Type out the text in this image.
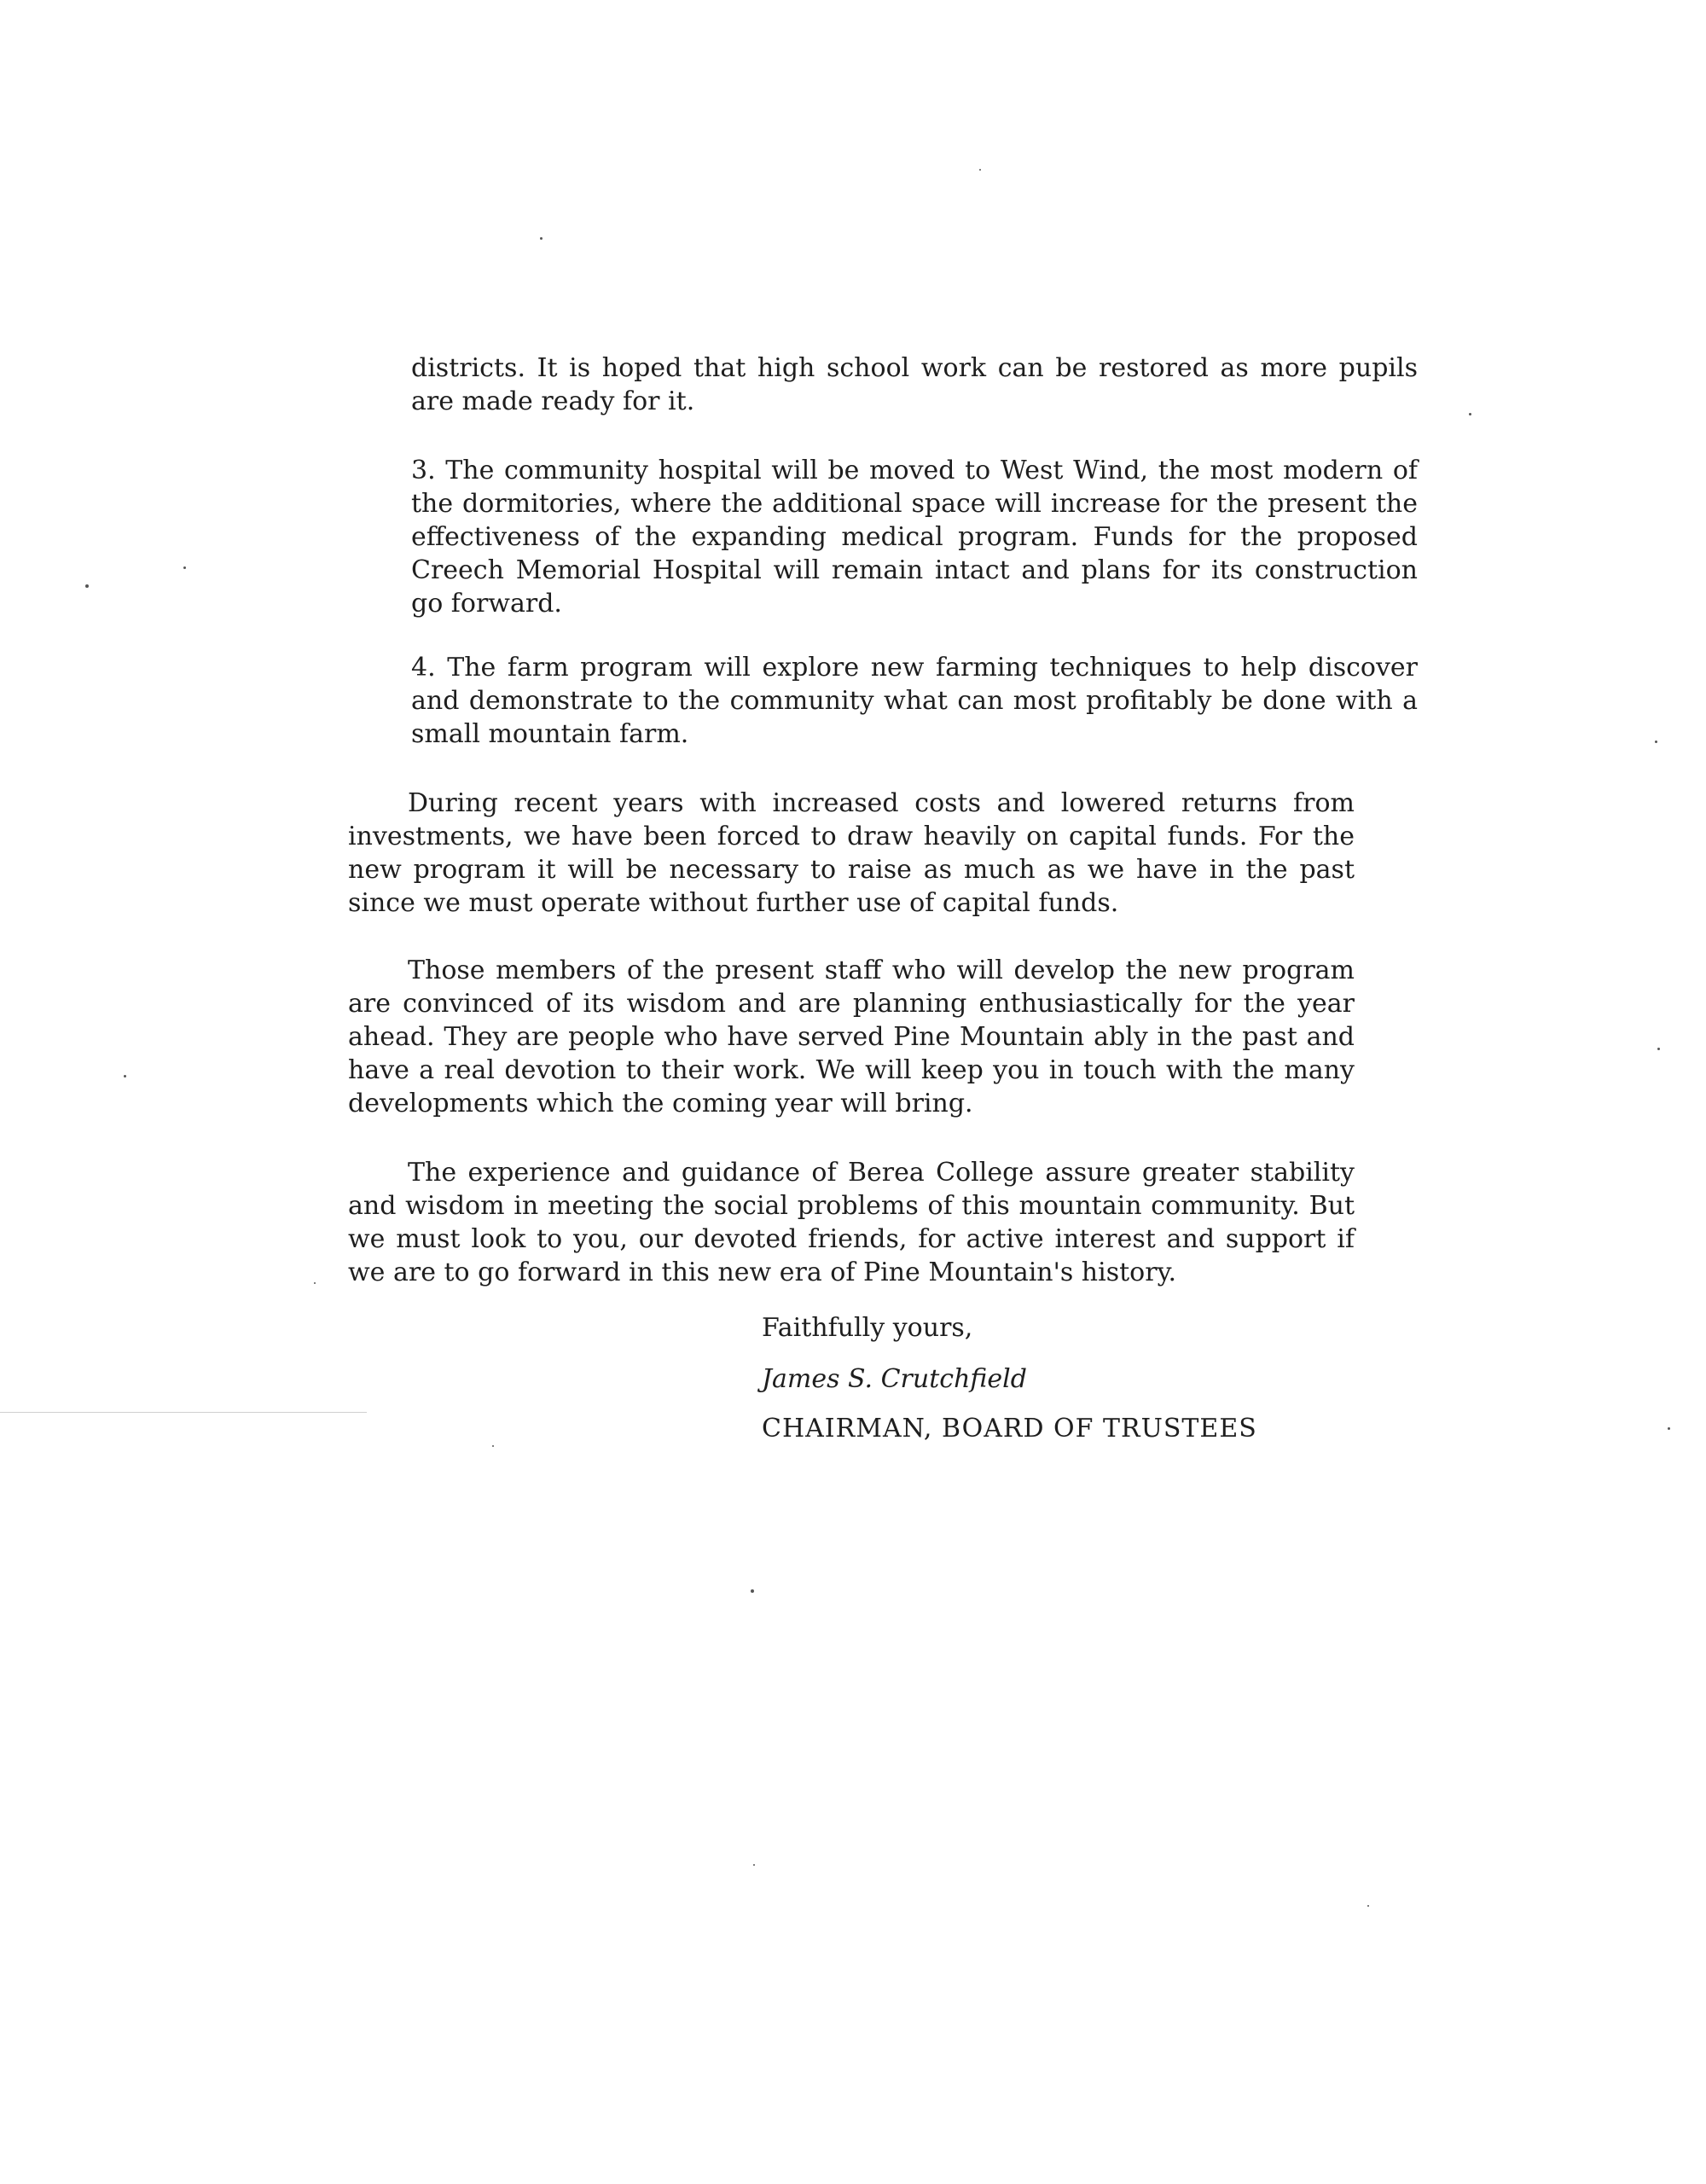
districts. It is hoped that high school work can be restored as more pupils are made ready for it.

3. The community hospital will be moved to West Wind, the most modern of the dormitories, where the additional space will increase for the present the effectiveness of the expanding medical program. Funds for the proposed Creech Memorial Hospital will remain intact and plans for its construction go forward.

4. The farm program will explore new farming techniques to help discover and demonstrate to the community what can most profitably be done with a small mountain farm.

During recent years with increased costs and lowered returns from investments, we have been forced to draw heavily on capital funds. For the new program it will be necessary to raise as much as we have in the past since we must operate without further use of capital funds.

Those members of the present staff who will develop the new program are convinced of its wisdom and are planning enthusiastically for the year ahead. They are people who have served Pine Mountain ably in the past and have a real devotion to their work. We will keep you in touch with the many developments which the coming year will bring.

The experience and guidance of Berea College assure greater stability and wisdom in meeting the social problems of this mountain community. But we must look to you, our devoted friends, for active interest and support if we are to go forward in this new era of Pine Mountain's history.

Faithfully yours,

James S. Crutchfield

CHAIRMAN, BOARD OF TRUSTEES
